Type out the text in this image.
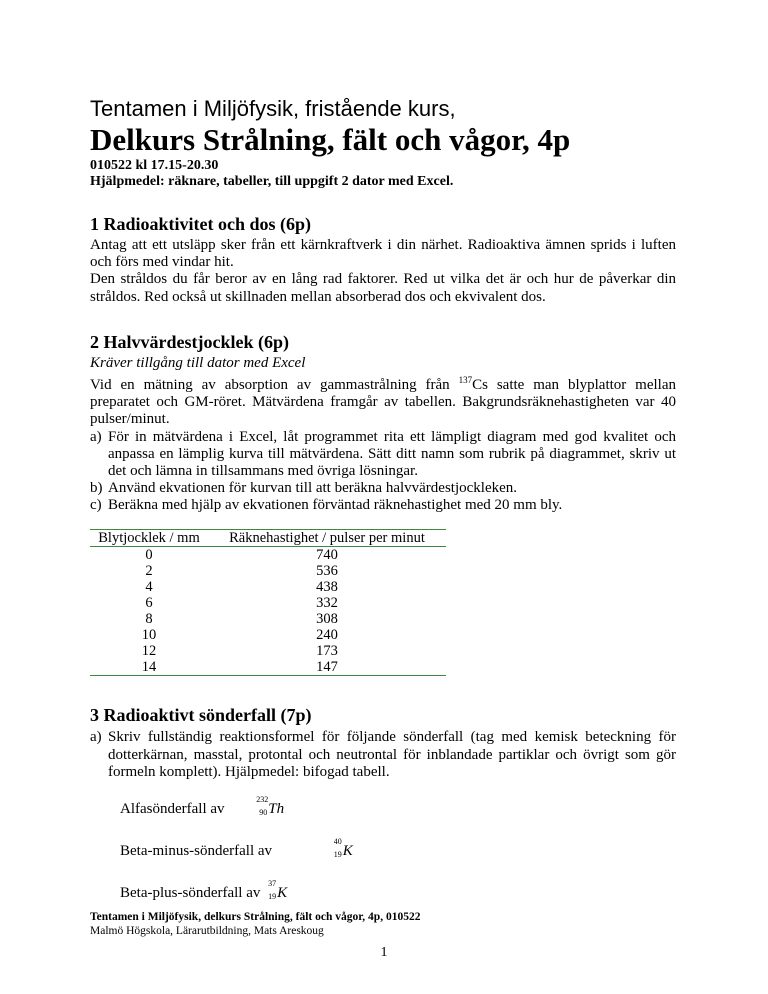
Tentamen i Miljöfysik, fristående kurs,

Delkurs Strålning, fält och vågor, 4p

010522 kl 17.15-20.30

Hjälpmedel: räknare, tabeller, till uppgift 2 dator med Excel.

1 Radioaktivitet och dos (6p)

Antag att ett utsläpp sker från ett kärnkraftverk i din närhet. Radioaktiva ämnen sprids i luften och förs med vindar hit.

Den stråldos du får beror av en lång rad faktorer. Red ut vilka det är och hur de påverkar din stråldos. Red också ut skillnaden mellan absorberad dos och ekvivalent dos.

2 Halvvärdestjocklek (6p)

Kräver tillgång till dator med Excel

Vid en mätning av absorption av gammastrålning från $^{137}$Cs satte man blyplattor mellan preparatet och GM-röret. Mätvärdena framgår av tabellen. Bakgrundsräknehastigheten var 40 pulser/minut.

a) För in mätvärdena i Excel, låt programmet rita ett lämpligt diagram med god kvalitet och anpassa en lämplig kurva till mätvärdena. Sätt ditt namn som rubrik på diagrammet, skriv ut det och lämna in tillsammans med övriga lösningar.
b) Använd ekvationen för kurvan till att beräkna halvvärdestjockleken.
c) Beräkna med hjälp av ekvationen förväntad räknehastighet med 20 mm bly.
Blytjocklek / mm	Räknehastighet / pulser per minut
0	740
2	536
4	438
6	332
8	308
10	240
12	173
14	147
3 Radioaktivt sönderfall (7p)
a) Skriv fullständig reaktionsformel för följande sönderfall (tag med kemisk beteckning för dotterkärnan, masstal, protontal och neutrontal för inblandade partiklar och övrigt som gör formeln komplett). Hjälpmedel: bifogad tabell.
Alfasönderfall av
232
90 Th
Beta-minus-sönderfall av
40
19 K
Beta-plus-sönderfall av
37
19 K

Tentamen i Miljöfysik, delkurs Strålning, fält och vågor, 4p, 010522

Malmö Högskola, Lärarutbildning, Mats Areskoug

1
